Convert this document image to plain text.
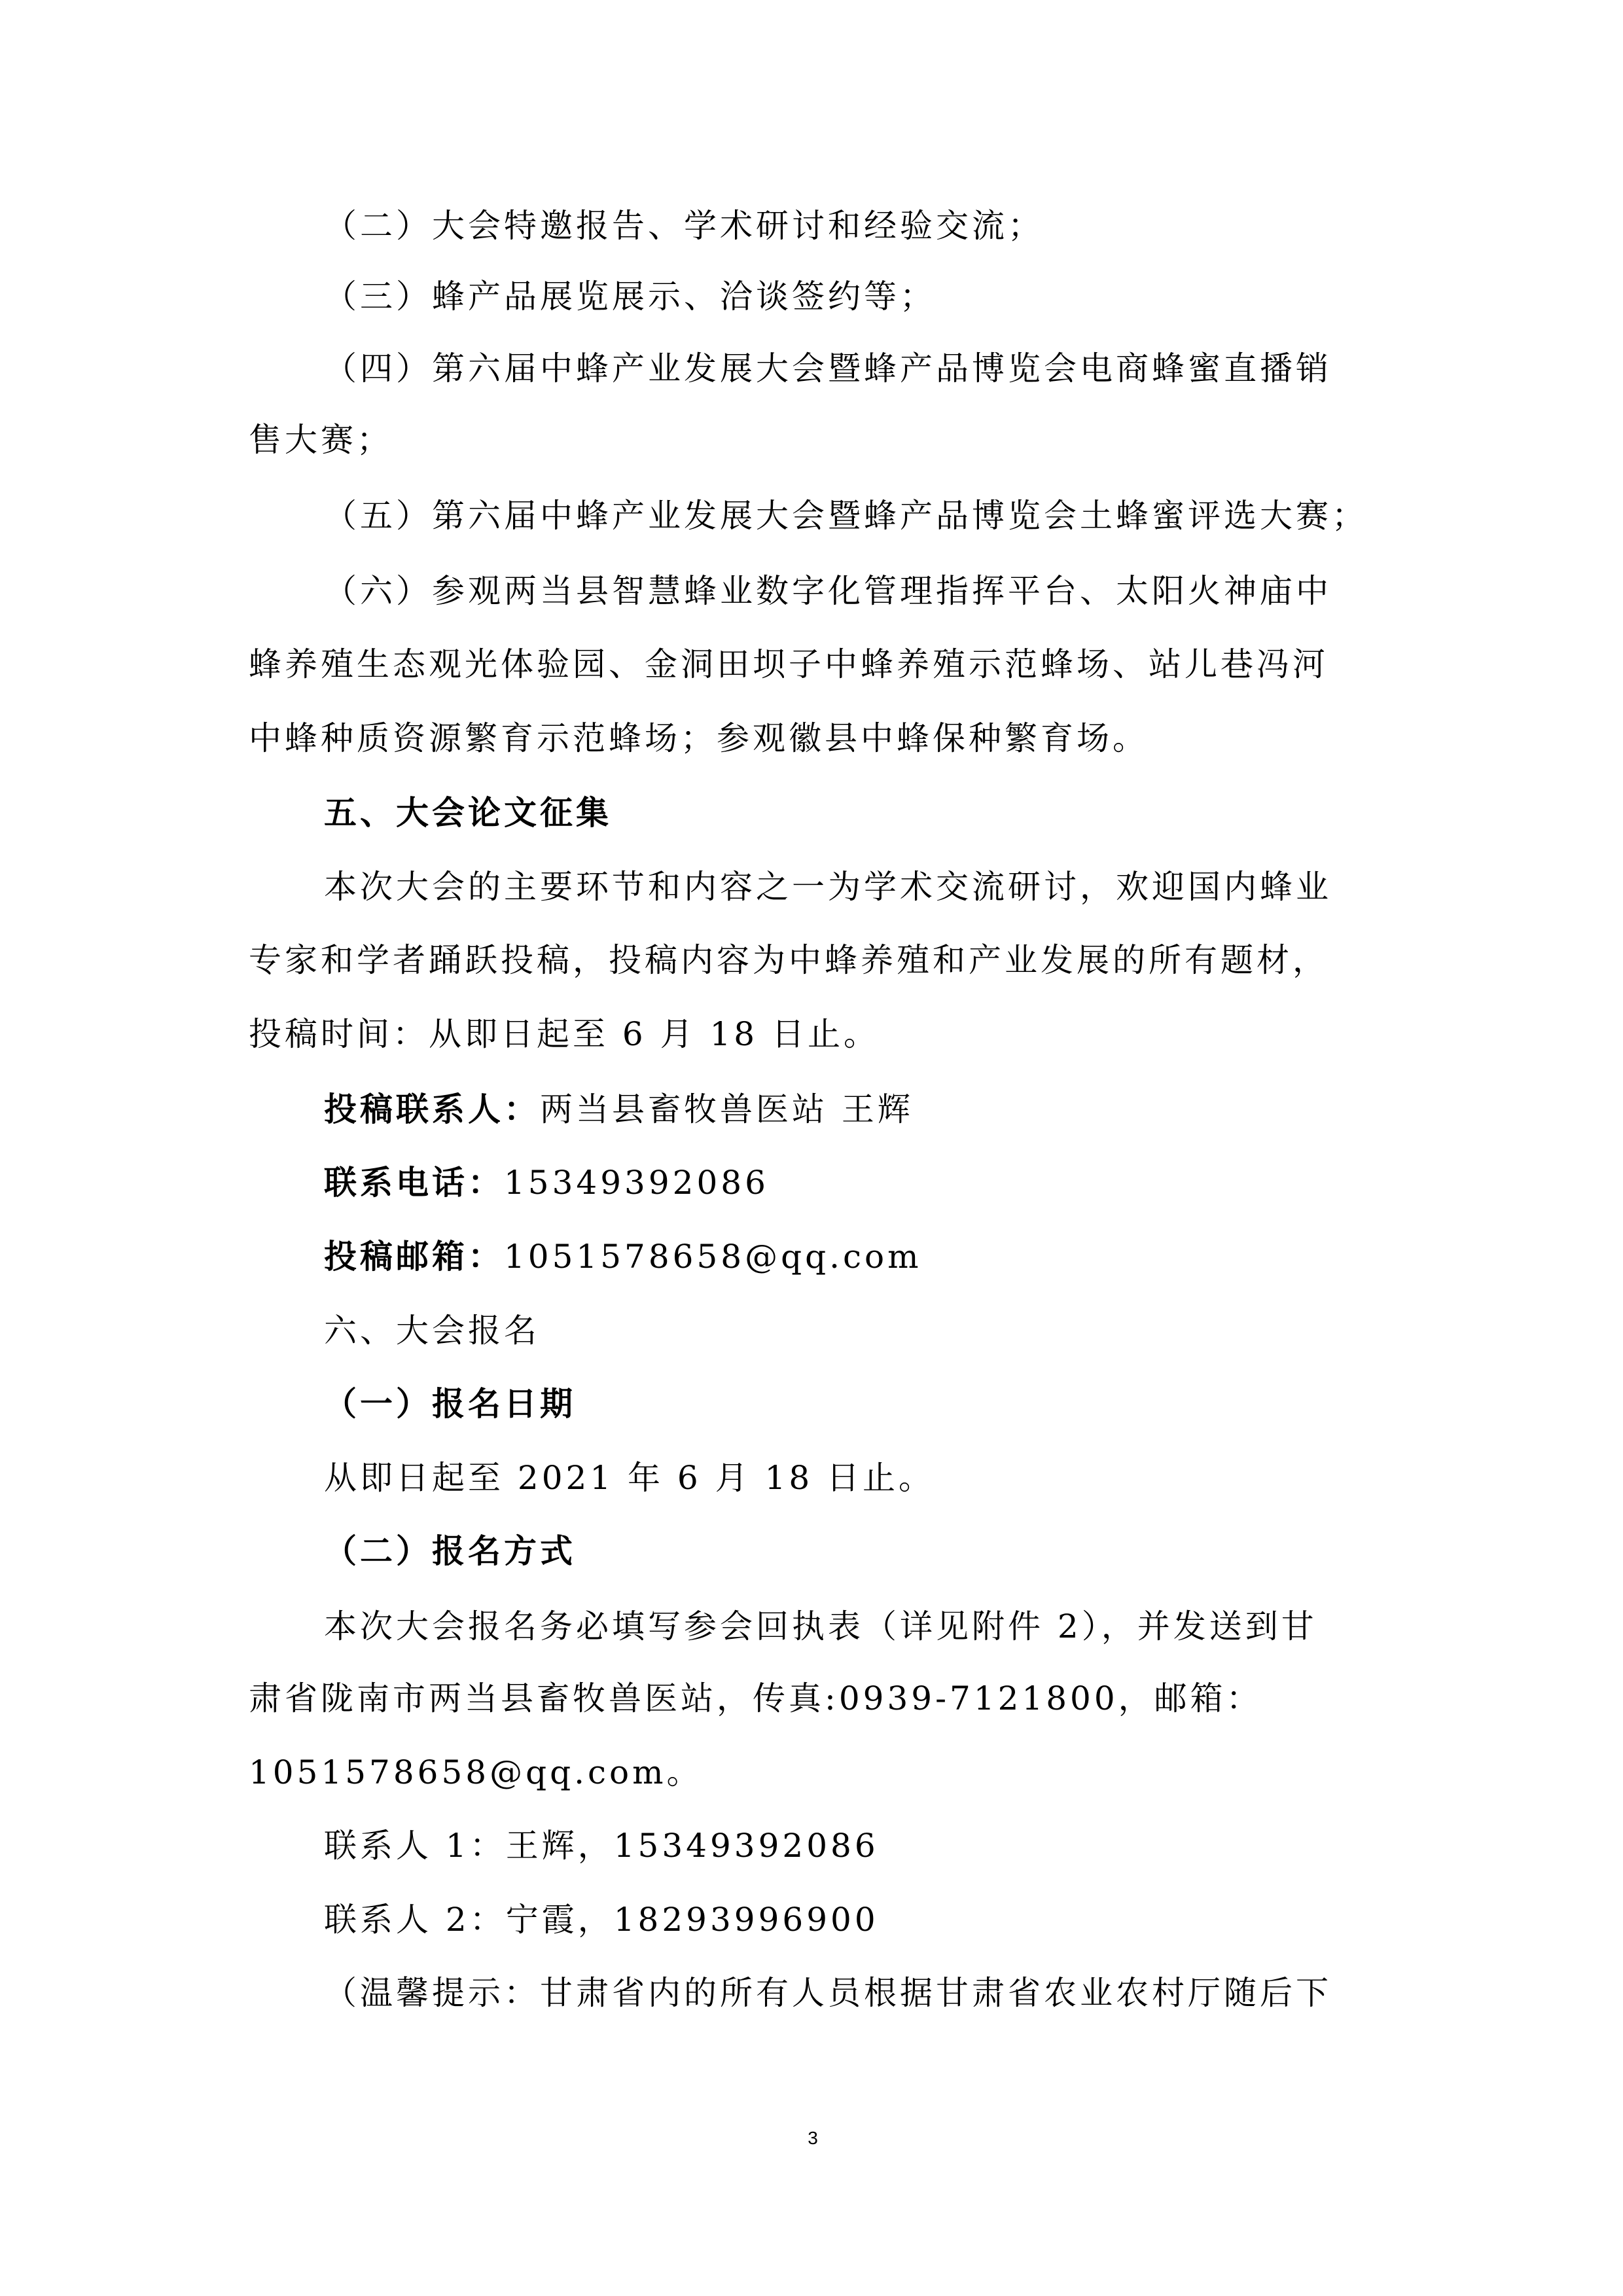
（二）大会特邀报告、学术研讨和经验交流；
（三）蜂产品展览展示、洽谈签约等；
（四）第六届中蜂产业发展大会暨蜂产品博览会电商蜂蜜直播销
售大赛；
（五）第六届中蜂产业发展大会暨蜂产品博览会土蜂蜜评选大赛；
（六）参观两当县智慧蜂业数字化管理指挥平台、太阳火神庙中
蜂养殖生态观光体验园、金洞田坝子中蜂养殖示范蜂场、站儿巷冯河
中蜂种质资源繁育示范蜂场；参观徽县中蜂保种繁育场。
五、大会论文征集
本次大会的主要环节和内容之一为学术交流研讨，欢迎国内蜂业
专家和学者踊跃投稿，投稿内容为中蜂养殖和产业发展的所有题材，
投稿时间：从即日起至 6 月 18 日止。
投稿联系人：两当县畜牧兽医站 王辉
联系电话：15349392086
投稿邮箱：1051578658@qq.com
六、大会报名
（一）报名日期
从即日起至 2021 年 6 月 18 日止。
（二）报名方式
本次大会报名务必填写参会回执表（详见附件 2），并发送到甘
肃省陇南市两当县畜牧兽医站，传真:0939-7121800，邮箱：
1051578658@qq.com。
联系人 1：王辉，15349392086
联系人 2：宁霞，18293996900
（温馨提示：甘肃省内的所有人员根据甘肃省农业农村厅随后下
3
